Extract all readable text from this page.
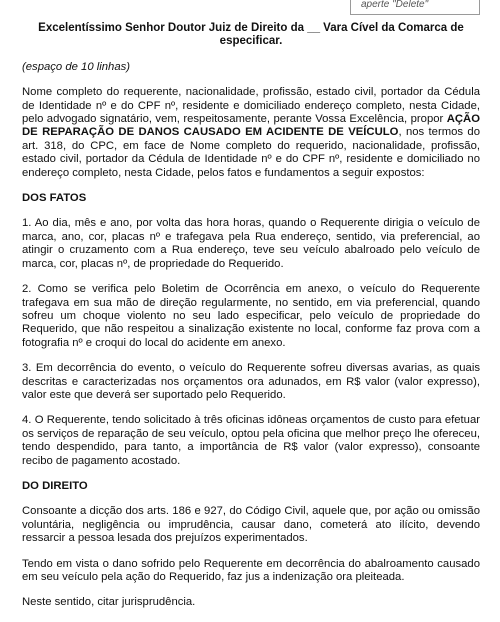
aperte "Delete"
Excelentíssimo Senhor Doutor Juiz de Direito da __ Vara Cível da Comarca de especificar.
(espaço de 10 linhas)

Nome completo do requerente, nacionalidade, profissão, estado civil, portador da Cédula de Identidade nº e do CPF nº, residente e domiciliado endereço completo, nesta Cidade, pelo advogado signatário, vem, respeitosamente, perante Vossa Excelência, propor AÇÃO DE REPARAÇÃO DE DANOS CAUSADO EM ACIDENTE DE VEÍCULO, nos termos do art. 318, do CPC, em face de Nome completo do requerido, nacionalidade, profissão, estado civil, portador da Cédula de Identidade nº e do CPF nº, residente e domiciliado no endereço completo, nesta Cidade, pelos fatos e fundamentos a seguir expostos:

DOS FATOS

1. Ao dia, mês e ano, por volta das hora horas, quando o Requerente dirigia o veículo de marca, ano, cor, placas nº e trafegava pela Rua endereço, sentido, via preferencial, ao atingir o cruzamento com a Rua endereço, teve seu veículo abalroado pelo veículo de marca, cor, placas nº, de propriedade do Requerido.

2. Como se verifica pelo Boletim de Ocorrência em anexo, o veículo do Requerente trafegava em sua mão de direção regularmente, no sentido, em via preferencial, quando sofreu um choque violento no seu lado especificar, pelo veículo de propriedade do Requerido, que não respeitou a sinalização existente no local, conforme faz prova com a fotografia nº e croqui do local do acidente em anexo.

3. Em decorrência do evento, o veículo do Requerente sofreu diversas avarias, as quais descritas e caracterizadas nos orçamentos ora adunados, em R$ valor (valor expresso), valor este que deverá ser suportado pelo Requerido.

4. O Requerente, tendo solicitado à três oficinas idôneas orçamentos de custo para efetuar os serviços de reparação de seu veículo, optou pela oficina que melhor preço lhe ofereceu, tendo despendido, para tanto, a importância de R$ valor (valor expresso), consoante recibo de pagamento acostado.

DO DIREITO

Consoante a dicção dos arts. 186 e 927, do Código Civil, aquele que, por ação ou omissão voluntária, negligência ou imprudência, causar dano, cometerá ato ilícito, devendo ressarcir a pessoa lesada dos prejuízos experimentados.

Tendo em vista o dano sofrido pelo Requerente em decorrência do abalroamento causado em seu veículo pela ação do Requerido, faz jus a indenização ora pleiteada.

Neste sentido, citar jurisprudência.
